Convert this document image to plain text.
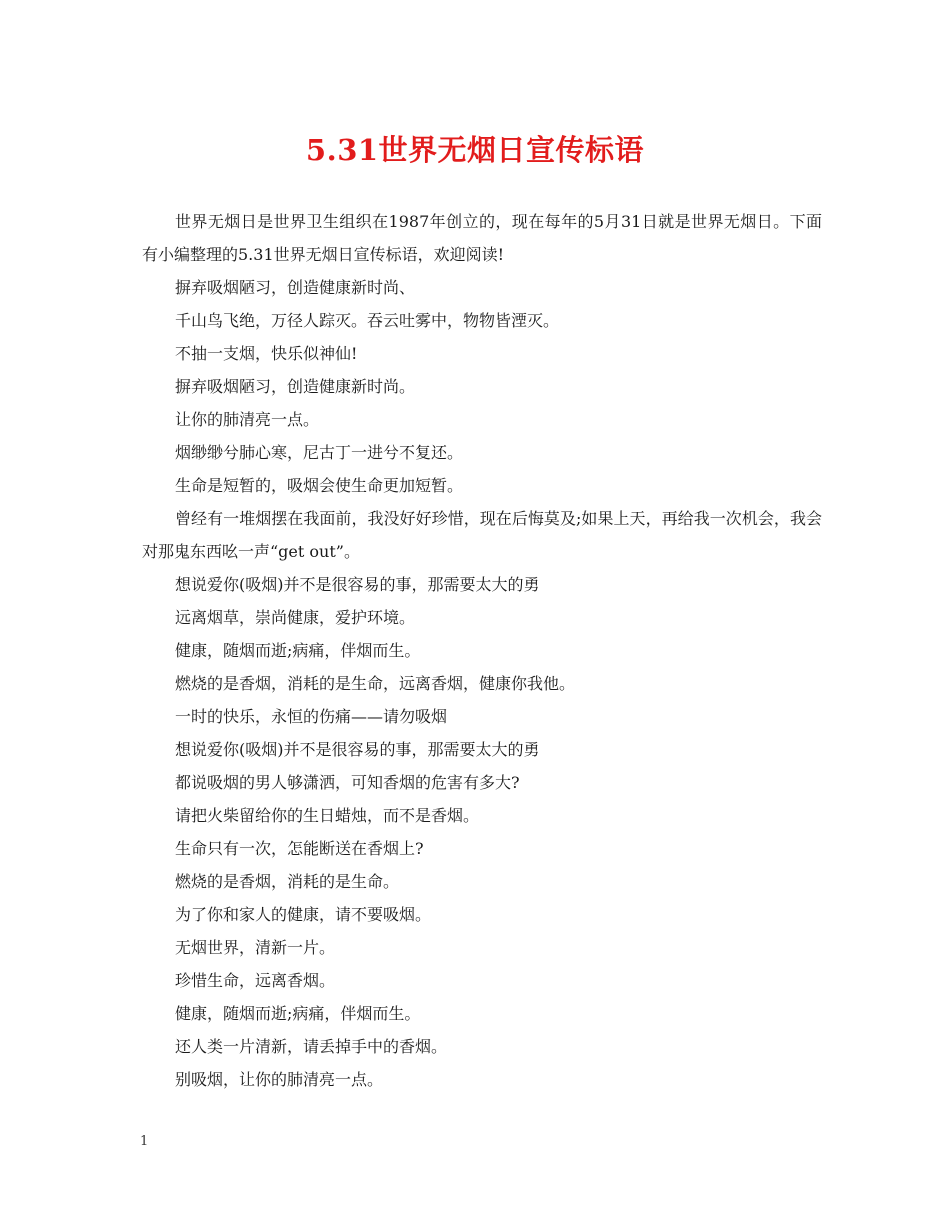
5.31世界无烟日宣传标语

世界无烟日是世界卫生组织在1987年创立的，现在每年的5月31日就是世界无烟日。下面有小编整理的5.31世界无烟日宣传标语，欢迎阅读!

摒弃吸烟陋习，创造健康新时尚、

千山鸟飞绝，万径人踪灭。吞云吐雾中，物物皆湮灭。

不抽一支烟，快乐似神仙!

摒弃吸烟陋习，创造健康新时尚。

让你的肺清亮一点。

烟缈缈兮肺心寒，尼古丁一进兮不复还。

生命是短暂的，吸烟会使生命更加短暂。

曾经有一堆烟摆在我面前，我没好好珍惜，现在后悔莫及;如果上天，再给我一次机会，我会对那鬼东西吆一声“get out”。

想说爱你(吸烟)并不是很容易的事，那需要太大的勇

远离烟草，崇尚健康，爱护环境。

健康，随烟而逝;病痛，伴烟而生。

燃烧的是香烟，消耗的是生命，远离香烟，健康你我他。

一时的快乐，永恒的伤痛——请勿吸烟

想说爱你(吸烟)并不是很容易的事，那需要太大的勇

都说吸烟的男人够潇洒，可知香烟的危害有多大?

请把火柴留给你的生日蜡烛，而不是香烟。

生命只有一次，怎能断送在香烟上?

燃烧的是香烟，消耗的是生命。

为了你和家人的健康，请不要吸烟。

无烟世界，清新一片。

珍惜生命，远离香烟。

健康，随烟而逝;病痛，伴烟而生。

还人类一片清新，请丢掉手中的香烟。

别吸烟，让你的肺清亮一点。

1
